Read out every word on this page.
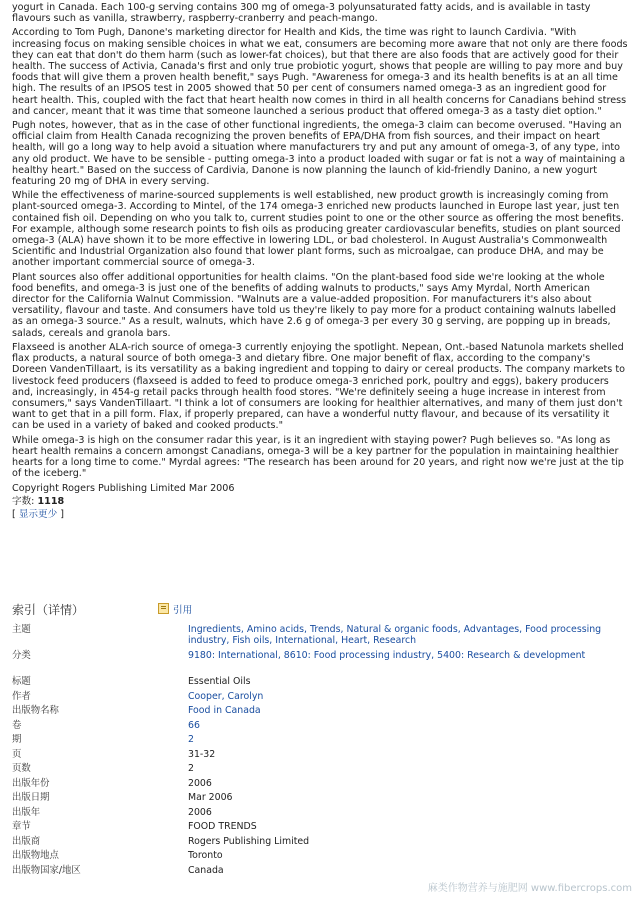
yogurt in Canada. Each 100-g serving contains 300 mg of omega-3 polyunsaturated fatty acids, and is available in tasty flavours such as vanilla, strawberry, raspberry-cranberry and peach-mango.

According to Tom Pugh, Danone's marketing director for Health and Kids, the time was right to launch Cardivia. "With increasing focus on making sensible choices in what we eat, consumers are becoming more aware that not only are there foods they can eat that don't do them harm (such as lower-fat choices), but that there are also foods that are actively good for their health. The success of Activia, Canada's first and only true probiotic yogurt, shows that people are willing to pay more and buy foods that will give them a proven health benefit," says Pugh. "Awareness for omega-3 and its health benefits is at an all time high. The results of an IPSOS test in 2005 showed that 50 per cent of consumers named omega-3 as an ingredient good for heart health. This, coupled with the fact that heart health now comes in third in all health concerns for Canadians behind stress and cancer, meant that it was time that someone launched a serious product that offered omega-3 as a tasty diet option."

Pugh notes, however, that as in the case of other functional ingredients, the omega-3 claim can become overused. "Having an official claim from Health Canada recognizing the proven benefits of EPA/DHA from fish sources, and their impact on heart health, will go a long way to help avoid a situation where manufacturers try and put any amount of omega-3, of any type, into any old product. We have to be sensible - putting omega-3 into a product loaded with sugar or fat is not a way of maintaining a healthy heart." Based on the success of Cardivia, Danone is now planning the launch of kid-friendly Danino, a new yogurt featuring 20 mg of DHA in every serving.

While the effectiveness of marine-sourced supplements is well established, new product growth is increasingly coming from plant-sourced omega-3. According to Mintel, of the 174 omega-3 enriched new products launched in Europe last year, just ten contained fish oil. Depending on who you talk to, current studies point to one or the other source as offering the most benefits. For example, although some research points to fish oils as producing greater cardiovascular benefits, studies on plant sourced omega-3 (ALA) have shown it to be more effective in lowering LDL, or bad cholesterol. In August Australia's Commonwealth Scientific and Industrial Organization also found that lower plant forms, such as microalgae, can produce DHA, and may be another important commercial source of omega-3.

Plant sources also offer additional opportunities for health claims. "On the plant-based food side we're looking at the whole food benefits, and omega-3 is just one of the benefits of adding walnuts to products," says Amy Myrdal, North American director for the California Walnut Commission. "Walnuts are a value-added proposition. For manufacturers it's also about versatility, flavour and taste. And consumers have told us they're likely to pay more for a product containing walnuts labelled as an omega-3 source." As a result, walnuts, which have 2.6 g of omega-3 per every 30 g serving, are popping up in breads, salads, cereals and granola bars.

Flaxseed is another ALA-rich source of omega-3 currently enjoying the spotlight. Nepean, Ont.-based Natunola markets shelled flax products, a natural source of both omega-3 and dietary fibre. One major benefit of flax, according to the company's Doreen VandenTillaart, is its versatility as a baking ingredient and topping to dairy or cereal products. The company markets to livestock feed producers (flaxseed is added to feed to produce omega-3 enriched pork, poultry and eggs), bakery producers and, increasingly, in 454-g retail packs through health food stores. "We're definitely seeing a huge increase in interest from consumers," says VandenTillaart. "I think a lot of consumers are looking for healthier alternatives, and many of them just don't want to get that in a pill form. Flax, if properly prepared, can have a wonderful nutty flavour, and because of its versatility it can be used in a variety of baked and cooked products."

While omega-3 is high on the consumer radar this year, is it an ingredient with staying power? Pugh believes so. "As long as heart health remains a concern amongst Canadians, omega-3 will be a key partner for the population in maintaining healthier hearts for a long time to come." Myrdal agrees: "The research has been around for 20 years, and right now we're just at the tip of the iceberg."

Copyright Rogers Publishing Limited Mar 2006
字数: 1118
[ 显示更少 ]
索引（详情）	引用
主题	Ingredients, Amino acids, Trends, Natural & organic foods, Advantages, Food processing industry, Fish oils, International, Heart, Research
分类	9180: International, 8610: Food processing industry, 5400: Research & development
标题	Essential Oils
作者	Cooper, Carolyn
出版物名称	Food in Canada
卷	66
期	2
页	31-32
页数	2
出版年份	2006
出版日期	Mar 2006
出版年	2006
章节	FOOD TRENDS
出版商	Rogers Publishing Limited
出版物地点	Toronto
出版物国家/地区	Canada
麻类作物营养与施肥网 www.fibercrops.com
